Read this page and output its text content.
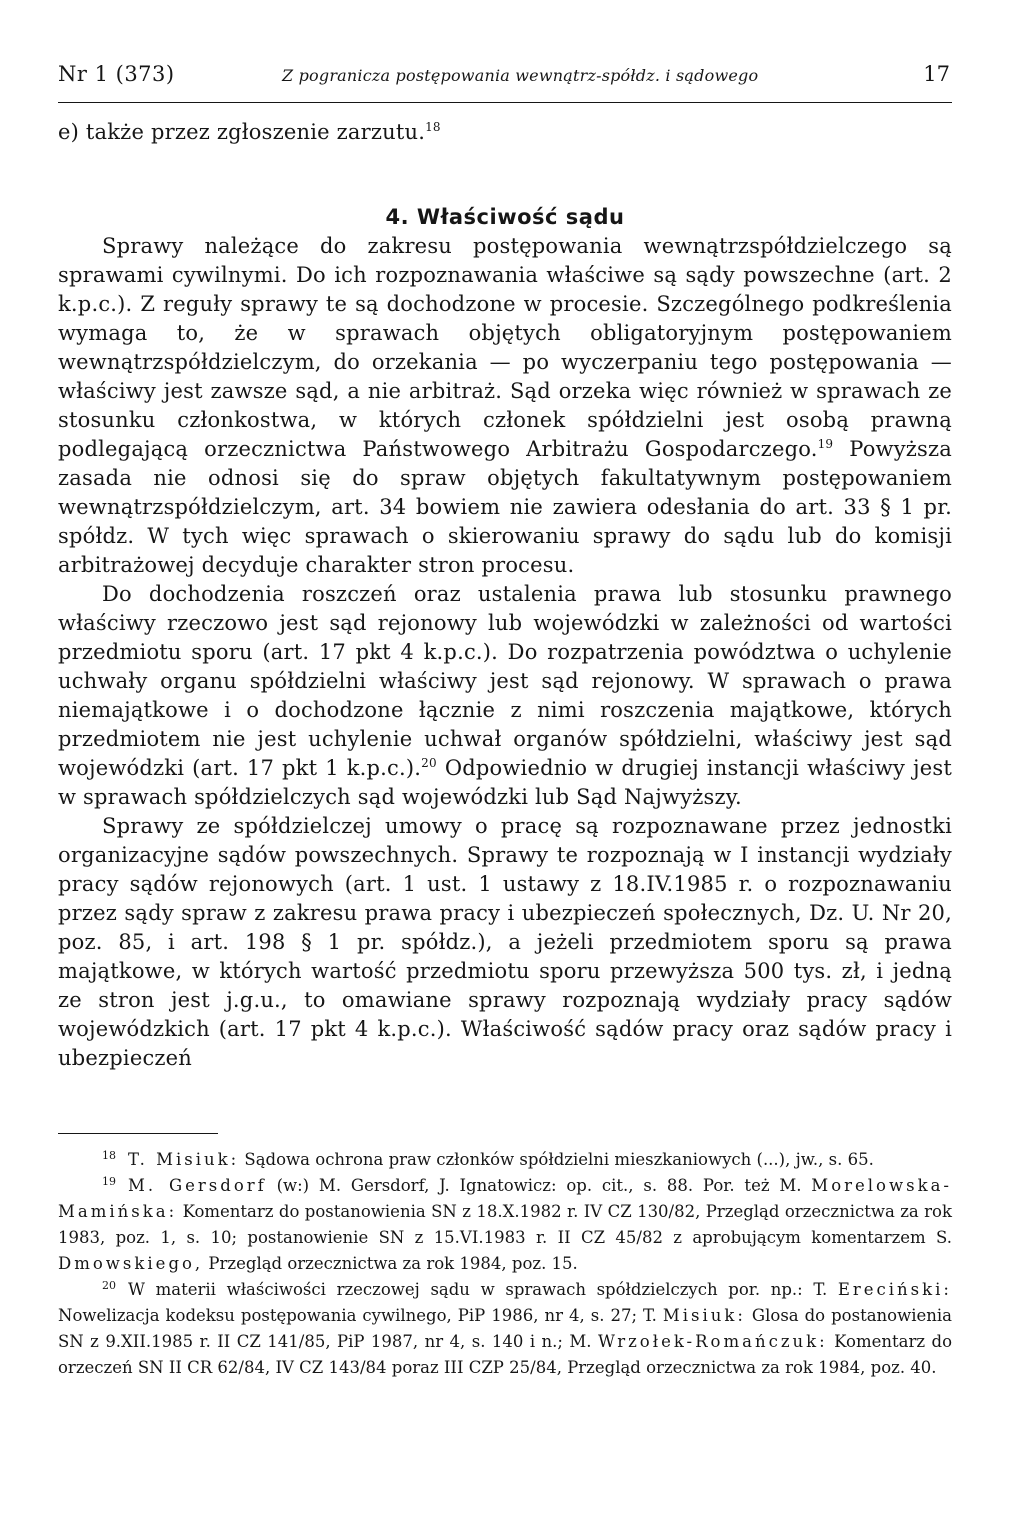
Nr 1 (373)	Z pogranicza postępowania wewnątrz-spółdz. i sądowego	17
e) także przez zgłoszenie zarzutu.$^{18}$
4. Właściwość sądu

Sprawy należące do zakresu postępowania wewnątrzspółdzielczego są sprawami cywilnymi. Do ich rozpoznawania właściwe są sądy powszechne (art. 2 k.p.c.). Z reguły sprawy te są dochodzone w procesie. Szczególnego podkreślenia wymaga to, że w sprawach objętych obligatoryjnym postępowaniem wewnątrzspółdzielczym, do orzekania — po wyczerpaniu tego postępowania — właściwy jest zawsze sąd, a nie arbitraż. Sąd orzeka więc również w sprawach ze stosunku członkostwa, w których członek spółdzielni jest osobą prawną podlegającą orzecznictwa Państwowego Arbitrażu Gospodarczego.$^{19}$ Powyższa zasada nie odnosi się do spraw objętych fakultatywnym postępowaniem wewnątrzspółdzielczym, art. 34 bowiem nie zawiera odesłania do art. 33 § 1 pr. spółdz. W tych więc sprawach o skierowaniu sprawy do sądu lub do komisji arbitrażowej decyduje charakter stron procesu.

Do dochodzenia roszczeń oraz ustalenia prawa lub stosunku prawnego właściwy rzeczowo jest sąd rejonowy lub wojewódzki w zależności od wartości przedmiotu sporu (art. 17 pkt 4 k.p.c.). Do rozpatrzenia powództwa o uchylenie uchwały organu spółdzielni właściwy jest sąd rejonowy. W sprawach o prawa niemajątkowe i o dochodzone łącznie z nimi roszczenia majątkowe, których przedmiotem nie jest uchylenie uchwał organów spółdzielni, właściwy jest sąd wojewódzki (art. 17 pkt 1 k.p.c.).$^{20}$ Odpowiednio w drugiej instancji właściwy jest w sprawach spółdzielczych sąd wojewódzki lub Sąd Najwyższy.

Sprawy ze spółdzielczej umowy o pracę są rozpoznawane przez jednostki organizacyjne sądów powszechnych. Sprawy te rozpoznają w I instancji wydziały pracy sądów rejonowych (art. 1 ust. 1 ustawy z 18.IV.1985 r. o rozpoznawaniu przez sądy spraw z zakresu prawa pracy i ubezpieczeń społecznych, Dz. U. Nr 20, poz. 85, i art. 198 § 1 pr. spółdz.), a jeżeli przedmiotem sporu są prawa majątkowe, w których wartość przedmiotu sporu przewyższa 500 tys. zł, i jedną ze stron jest j.g.u., to omawiane sprawy rozpoznają wydziały pracy sądów wojewódzkich (art. 17 pkt 4 k.p.c.). Właściwość sądów pracy oraz sądów pracy i ubezpieczeń

$^{18}$ T. Misiuk: Sądowa ochrona praw członków spółdzielni mieszkaniowych (...), jw., s. 65.

$^{19}$ M. Gersdorf (w:) M. Gersdorf, J. Ignatowicz: op. cit., s. 88. Por. też M. Morelowska-Mamińska: Komentarz do postanowienia SN z 18.X.1982 r. IV CZ 130/82, Przegląd orzecznictwa za rok 1983, poz. 1, s. 10; postanowienie SN z 15.VI.1983 r. II CZ 45/82 z aprobującym komentarzem S. Dmowskiego, Przegląd orzecznictwa za rok 1984, poz. 15.

$^{20}$ W materii właściwości rzeczowej sądu w sprawach spółdzielczych por. np.: T. Ereciński: Nowelizacja kodeksu postępowania cywilnego, PiP 1986, nr 4, s. 27; T. Misiuk: Glosa do postanowienia SN z 9.XII.1985 r. II CZ 141/85, PiP 1987, nr 4, s. 140 i n.; M. Wrzołek-Romańczuk: Komentarz do orzeczeń SN II CR 62/84, IV CZ 143/84 poraz III CZP 25/84, Przegląd orzecznictwa za rok 1984, poz. 40.
